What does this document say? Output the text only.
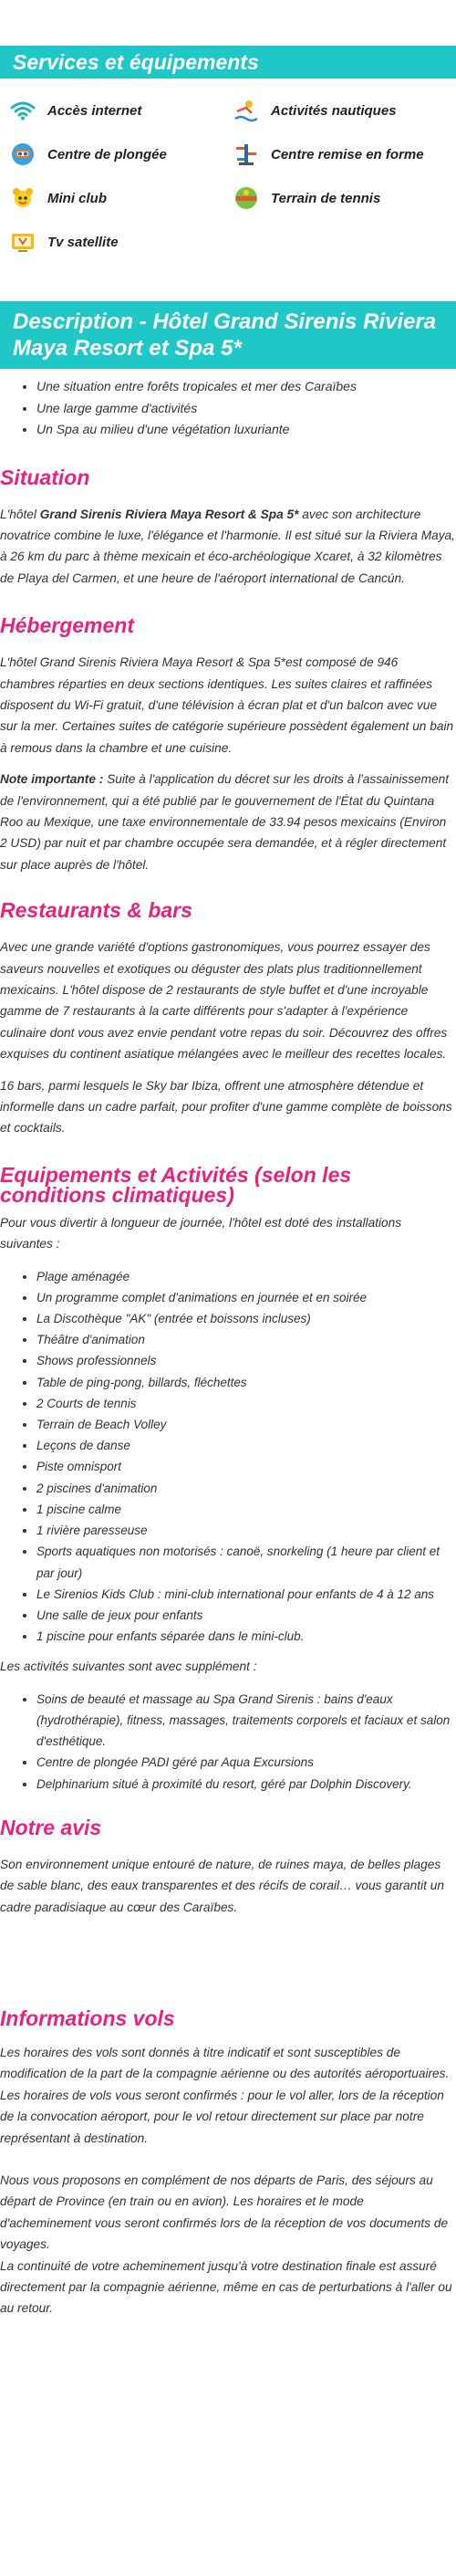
Services et équipements
Accès internet	Activités nautiques
Centre de plongée	Centre remise en forme
Mini club	Terrain de tennis
Tv satellite
Description - Hôtel Grand Sirenis Riviera Maya Resort et Spa 5*
• Une situation entre forêts tropicales et mer des Caraïbes
• Une large gamme d'activités
• Un Spa au milieu d'une végétation luxuriante
Situation

L'hôtel Grand Sirenis Riviera Maya Resort & Spa 5* avec son architecture novatrice combine le luxe, l'élégance et l'harmonie. Il est situé sur la Riviera Maya, à 26 km du parc à thème mexicain et éco-archéologique Xcaret, à 32 kilomètres de Playa del Carmen, et une heure de l'aéroport international de Cancún.

Hébergement

L'hôtel Grand Sirenis Riviera Maya Resort & Spa 5*est composé de 946 chambres réparties en deux sections identiques. Les suites claires et raffinées disposent du Wi-Fi gratuit, d'une télévision à écran plat et d'un balcon avec vue sur la mer. Certaines suites de catégorie supérieure possèdent également un bain à remous dans la chambre et une cuisine.

Note importante : Suite à l'application du décret sur les droits à l'assainissement de l'environnement, qui a été publié par le gouvernement de l'État du Quintana Roo au Mexique, une taxe environnementale de 33.94 pesos mexicains (Environ 2 USD) par nuit et par chambre occupée sera demandée, et à régler directement sur place auprès de l'hôtel.

Restaurants & bars

Avec une grande variété d'options gastronomiques, vous pourrez essayer des saveurs nouvelles et exotiques ou déguster des plats plus traditionnellement mexicains. L'hôtel dispose de 2 restaurants de style buffet et d'une incroyable gamme de 7 restaurants à la carte différents pour s'adapter à l'expérience culinaire dont vous avez envie pendant votre repas du soir. Découvrez des offres exquises du continent asiatique mélangées avec le meilleur des recettes locales.

16 bars, parmi lesquels le Sky bar Ibiza, offrent une atmosphère détendue et informelle dans un cadre parfait, pour profiter d'une gamme complète de boissons et cocktails.

Equipements et Activités (selon les conditions climatiques)

Pour vous divertir à longueur de journée, l'hôtel est doté des installations suivantes :

• Plage aménagée
• Un programme complet d'animations en journée et en soirée
• La Discothèque "AK" (entrée et boissons incluses)
• Théâtre d'animation
• Shows professionnels
• Table de ping-pong, billards, fléchettes
• 2 Courts de tennis
• Terrain de Beach Volley
• Leçons de danse
• Piste omnisport
• 2 piscines d'animation
• 1 piscine calme
• 1 rivière paresseuse
• Sports aquatiques non motorisés : canoë, snorkeling (1 heure par client et par jour)
• Le Sirenios Kids Club : mini-club international pour enfants de 4 à 12 ans
• Une salle de jeux pour enfants
• 1 piscine pour enfants séparée dans le mini-club.

Les activités suivantes sont avec supplément :

• Soins de beauté et massage au Spa Grand Sirenis : bains d'eaux (hydrothérapie), fitness, massages, traitements corporels et faciaux et salon d'esthétique.
• Centre de plongée PADI géré par Aqua Excursions
• Delphinarium situé à proximité du resort, géré par Dolphin Discovery.
Notre avis

Son environnement unique entouré de nature, de ruines maya, de belles plages de sable blanc, des eaux transparentes et des récifs de corail… vous garantit un cadre paradisiaque au cœur des Caraïbes.

Informations vols

Les horaires des vols sont donnés à titre indicatif et sont susceptibles de modification de la part de la compagnie aérienne ou des autorités aéroportuaires.

Les horaires de vols vous seront confirmés : pour le vol aller, lors de la réception de la convocation aéroport, pour le vol retour directement sur place par notre représentant à destination.

Nous vous proposons en complément de nos départs de Paris, des séjours au départ de Province (en train ou en avion). Les horaires et le mode d'acheminement vous seront confirmés lors de la réception de vos documents de voyages.

La continuité de votre acheminement jusqu'à votre destination finale est assuré directement par la compagnie aérienne, même en cas de perturbations à l'aller ou au retour.
